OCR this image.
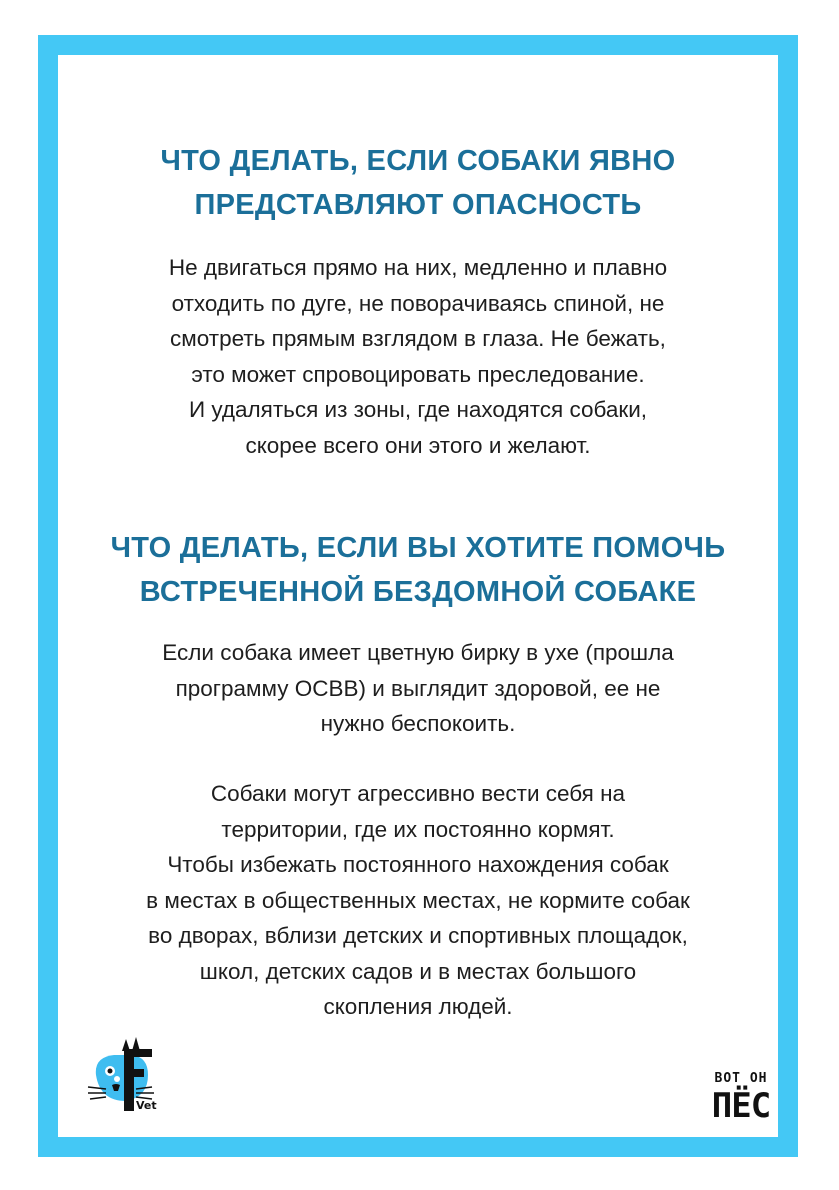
ЧТО ДЕЛАТЬ, ЕСЛИ СОБАКИ ЯВНО
ПРЕДСТАВЛЯЮТ ОПАСНОСТЬ

Не двигаться прямо на них, медленно и плавно
отходить по дуге, не поворачиваясь спиной, не
смотреть прямым взглядом в глаза. Не бежать,
это может спровоцировать преследование.
И удаляться из зоны, где находятся собаки,
скорее всего они этого и желают.

ЧТО ДЕЛАТЬ, ЕСЛИ ВЫ ХОТИТЕ ПОМОЧЬ
ВСТРЕЧЕННОЙ БЕЗДОМНОЙ СОБАКЕ

Если собака имеет цветную бирку в ухе (прошла
программу ОСВВ) и выглядит здоровой, ее не
нужно беспокоить.

Собаки могут агрессивно вести себя на
территории, где их постоянно кормят.
Чтобы избежать постоянного нахождения собак
в местах в общественных местах, не кормите собак
во дворах, вблизи детских и спортивных площадок,
школ, детских садов и в местах большого
скопления людей.

Vet
ВОТ ОН
ПЁС
